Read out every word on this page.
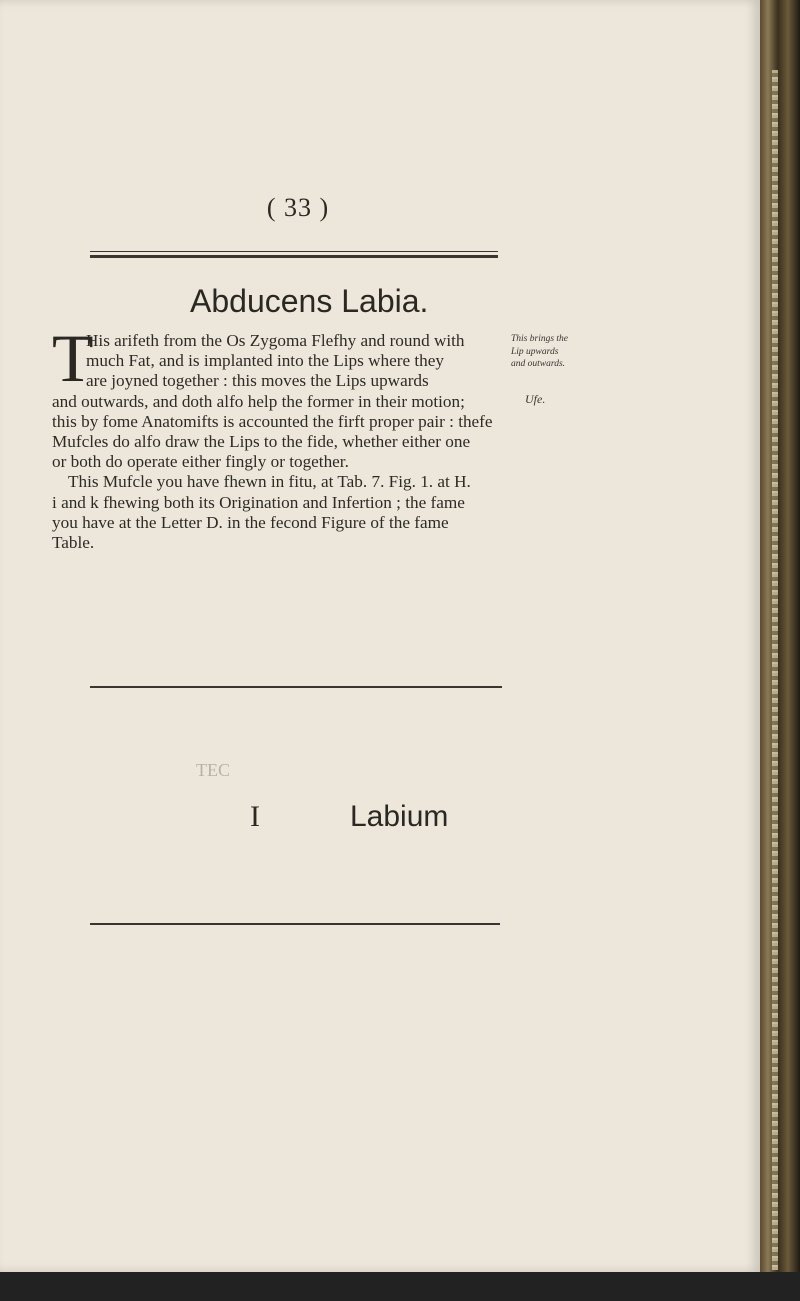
( 33 )
Abducens Labia.
T
His arifeth from the Os Zygoma Flefhy and round with
much Fat, and is implanted into the Lips where they
are joyned together : this moves the Lips upwards
and outwards, and doth alfo help the former in their motion;
this by fome Anatomifts is accounted the firft proper pair : thefe
Mufcles do alfo draw the Lips to the fide, whether either one
or both do operate either fingly or together.
This Mufcle you have fhewn in fitu, at Tab. 7. Fig. 1. at H.
i and k fhewing both its Origination and Infertion ; the fame
you have at the Letter D. in the fecond Figure of the fame
Table.
This brings the Lip upwards and outwards.
Ufe.
TEC
I	Labium
